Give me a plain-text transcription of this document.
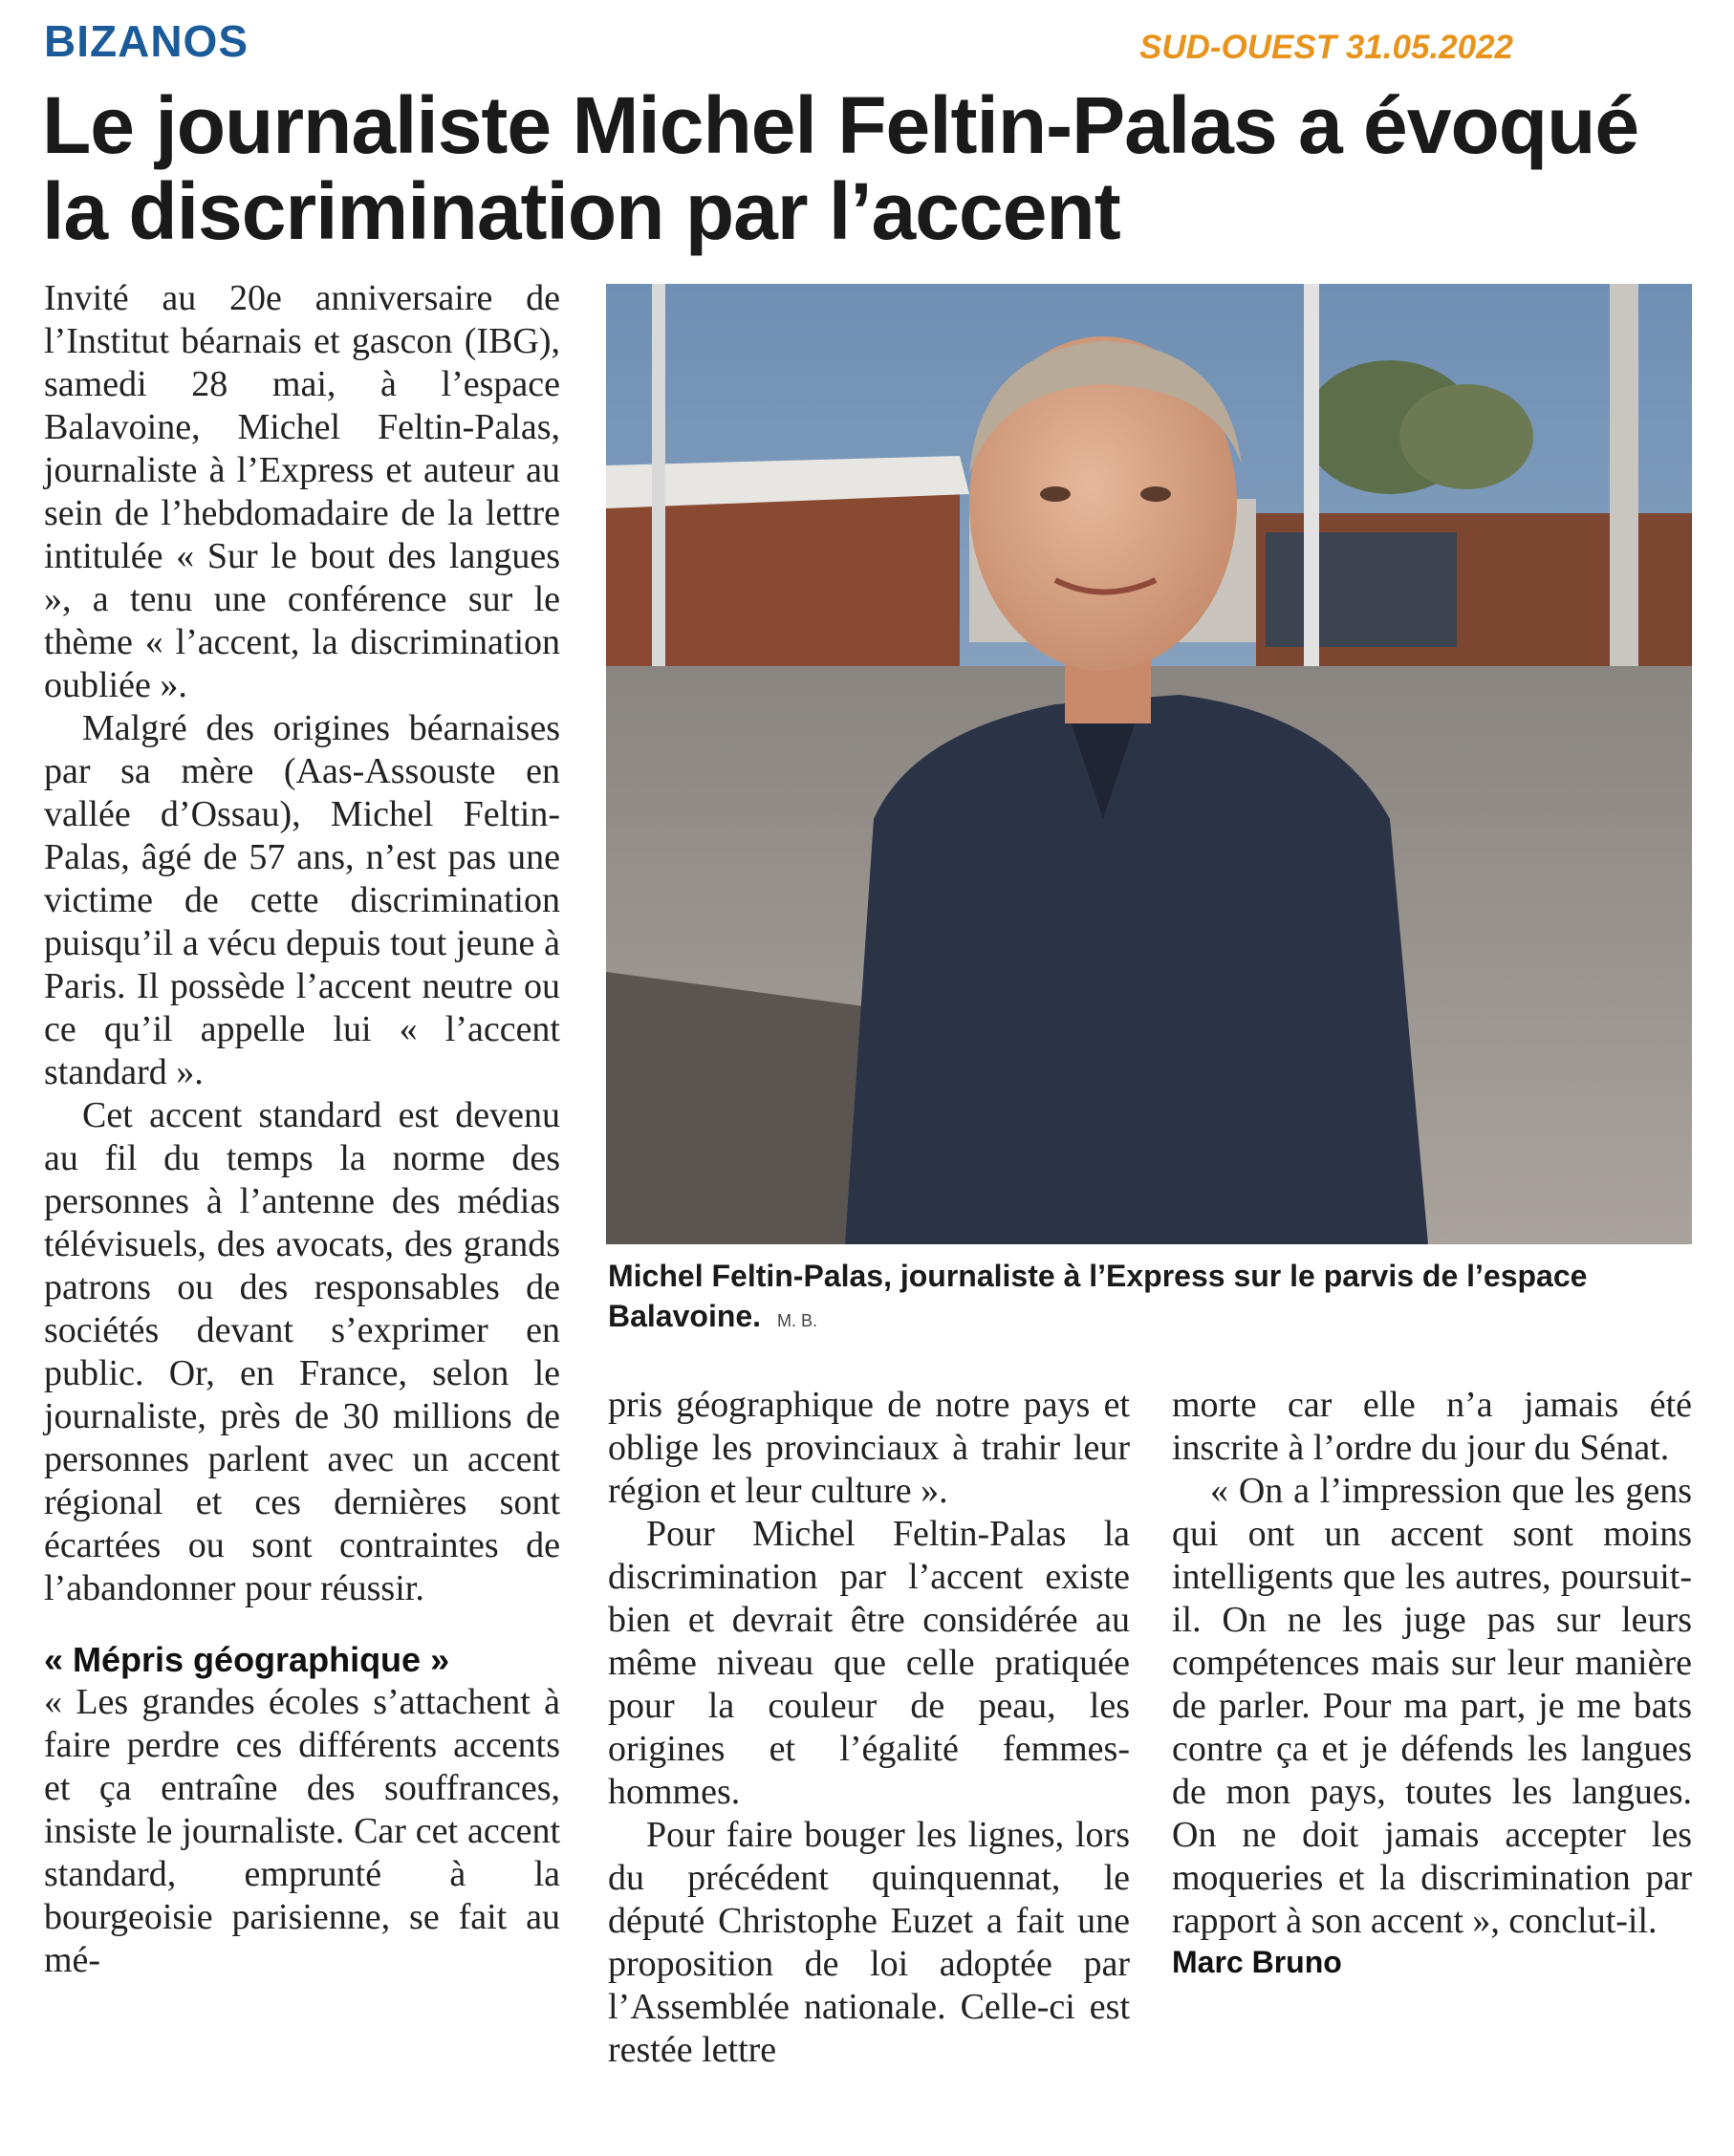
BIZANOS	SUD-OUEST 31.05.2022
Le journaliste Michel Feltin-Palas a évoqué
la discrimination par l’accent

Invité au 20e anniversaire de l’Institut béarnais et gascon (IBG), samedi 28 mai, à l’espace Balavoine, Michel Feltin-Palas, journaliste à l’Express et auteur au sein de l’hebdomadaire de la lettre intitulée « Sur le bout des langues », a tenu une conférence sur le thème « l’accent, la discrimination oubliée ».

Malgré des origines béarnaises par sa mère (Aas-Assouste en vallée d’Ossau), Michel Feltin-Palas, âgé de 57 ans, n’est pas une victime de cette discrimination puisqu’il a vécu depuis tout jeune à Paris. Il possède l’accent neutre ou ce qu’il appelle lui « l’accent standard ».

Cet accent standard est devenu au fil du temps la norme des personnes à l’antenne des médias télévisuels, des avocats, des grands patrons ou des responsables de sociétés devant s’exprimer en public. Or, en France, selon le journaliste, près de 30 millions de personnes parlent avec un accent régional et ces dernières sont écartées ou sont contraintes de l’abandonner pour réussir.

« Mépris géographique »

« Les grandes écoles s’attachent à faire perdre ces différents accents et ça entraîne des souffrances, insiste le journaliste. Car cet accent standard, emprunté à la bourgeoisie parisienne, se fait au mé-

Michel Feltin-Palas, journaliste à l’Express sur le parvis de l’espace Balavoine. M. B.

pris géographique de notre pays et oblige les provinciaux à trahir leur région et leur culture ».

Pour Michel Feltin-Palas la discrimination par l’accent existe bien et devrait être considérée au même niveau que celle pratiquée pour la couleur de peau, les origines et l’égalité femmes-hommes.

Pour faire bouger les lignes, lors du précédent quinquennat, le député Christophe Euzet a fait une proposition de loi adoptée par l’Assemblée nationale. Celle-ci est restée lettre

morte car elle n’a jamais été inscrite à l’ordre du jour du Sénat.

« On a l’impression que les gens qui ont un accent sont moins intelligents que les autres, poursuit-il. On ne les juge pas sur leurs compétences mais sur leur manière de parler. Pour ma part, je me bats contre ça et je défends les langues de mon pays, toutes les langues. On ne doit jamais accepter les moqueries et la discrimination par rapport à son accent », conclut-il.

Marc Bruno
